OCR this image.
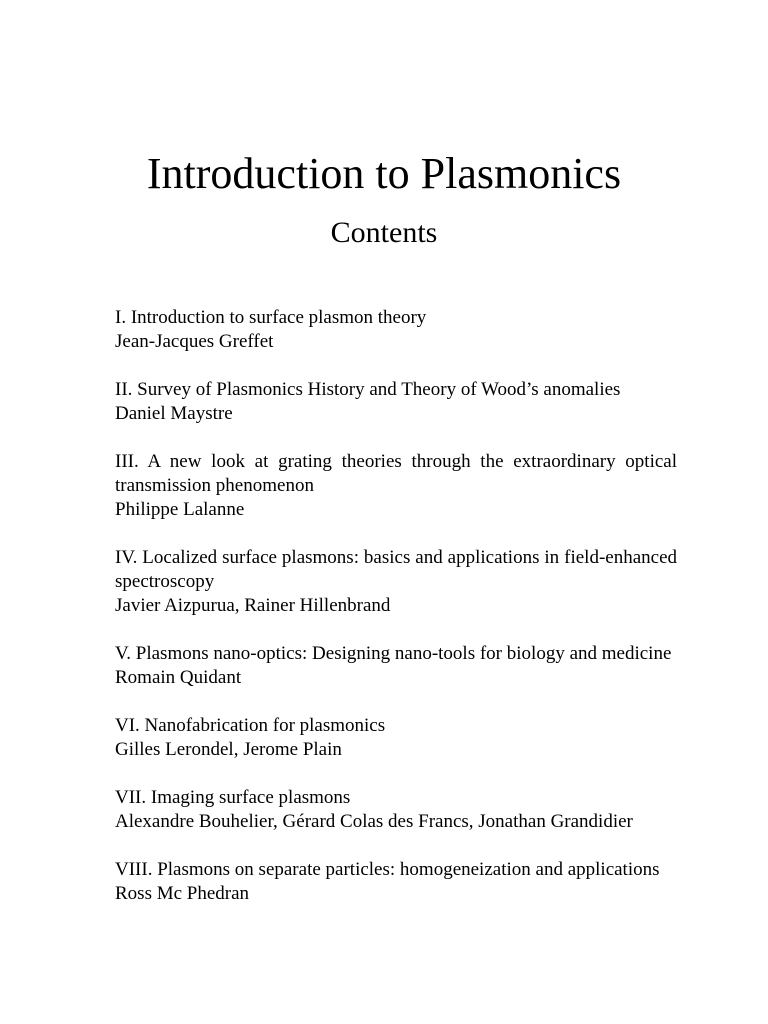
Introduction to Plasmonics
Contents
I. Introduction to surface plasmon theory
Jean-Jacques Greffet
II. Survey of Plasmonics History and Theory of Wood’s anomalies
Daniel Maystre
III. A new look at grating theories through the extraordinary optical transmission phenomenon
Philippe Lalanne
IV. Localized surface plasmons: basics and applications in field-enhanced spectroscopy
Javier Aizpurua, Rainer Hillenbrand
V. Plasmons nano-optics: Designing nano-tools for biology and medicine
Romain Quidant
VI. Nanofabrication for plasmonics
Gilles Lerondel, Jerome Plain
VII. Imaging surface plasmons
Alexandre Bouhelier, Gérard Colas des Francs, Jonathan Grandidier
VIII. Plasmons on separate particles: homogeneization and applications
Ross Mc Phedran
